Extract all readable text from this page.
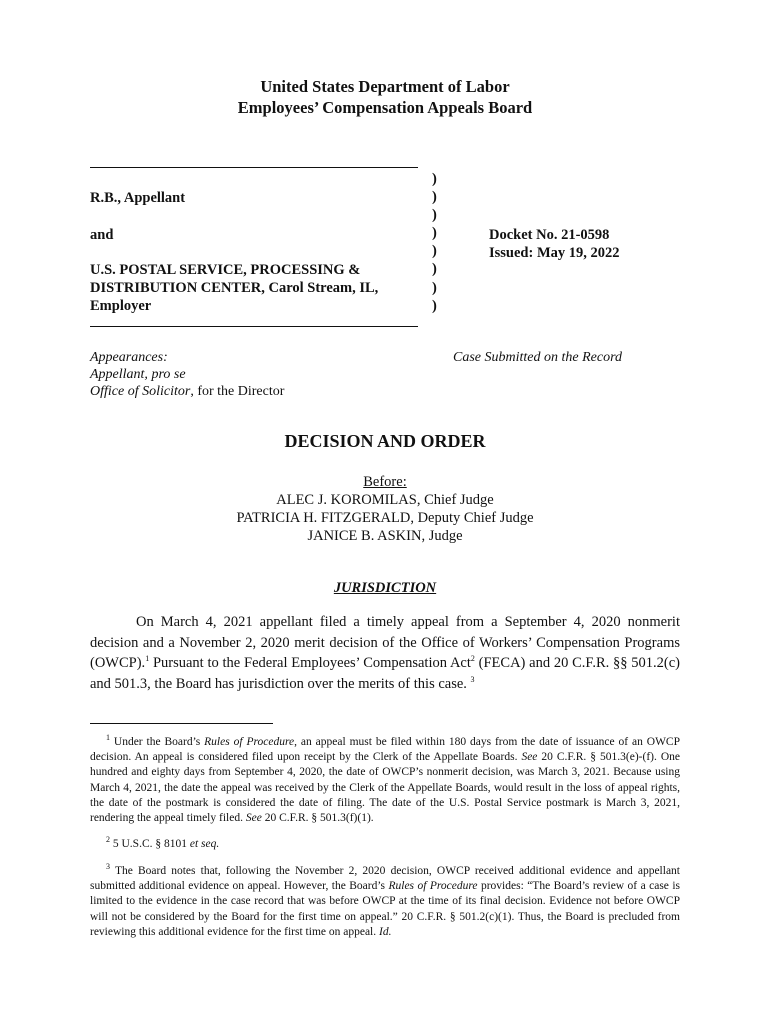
United States Department of Labor
Employees’ Compensation Appeals Board
R.B., Appellant
and
U.S. POSTAL SERVICE, PROCESSING &
DISTRIBUTION CENTER, Carol Stream, IL,
Employer
)
)
)
)
)
)
)
)
Docket No. 21-0598
Issued: May 19, 2022
Appearances:
Appellant, pro se
Office of Solicitor, for the Director
Case Submitted on the Record
DECISION AND ORDER
Before:
ALEC J. KOROMILAS, Chief Judge
PATRICIA H. FITZGERALD, Deputy Chief Judge
JANICE B. ASKIN, Judge
JURISDICTION
On March 4, 2021 appellant filed a timely appeal from a September 4, 2020 nonmerit decision and a November 2, 2020 merit decision of the Office of Workers’ Compensation Programs (OWCP).$^1$ Pursuant to the Federal Employees’ Compensation Act$^2$ (FECA) and 20 C.F.R. §§ 501.2(c) and 501.3, the Board has jurisdiction over the merits of this case. $^3$
$^1$ Under the Board’s Rules of Procedure, an appeal must be filed within 180 days from the date of issuance of an OWCP decision. An appeal is considered filed upon receipt by the Clerk of the Appellate Boards. See 20 C.F.R. § 501.3(e)-(f). One hundred and eighty days from September 4, 2020, the date of OWCP’s nonmerit decision, was March 3, 2021. Because using March 4, 2021, the date the appeal was received by the Clerk of the Appellate Boards, would result in the loss of appeal rights, the date of the postmark is considered the date of filing. The date of the U.S. Postal Service postmark is March 3, 2021, rendering the appeal timely filed. See 20 C.F.R. § 501.3(f)(1).
$^2$ 5 U.S.C. § 8101 et seq.
$^3$ The Board notes that, following the November 2, 2020 decision, OWCP received additional evidence and appellant submitted additional evidence on appeal. However, the Board’s Rules of Procedure provides: “The Board’s review of a case is limited to the evidence in the case record that was before OWCP at the time of its final decision. Evidence not before OWCP will not be considered by the Board for the first time on appeal.” 20 C.F.R. § 501.2(c)(1). Thus, the Board is precluded from reviewing this additional evidence for the first time on appeal. Id.
